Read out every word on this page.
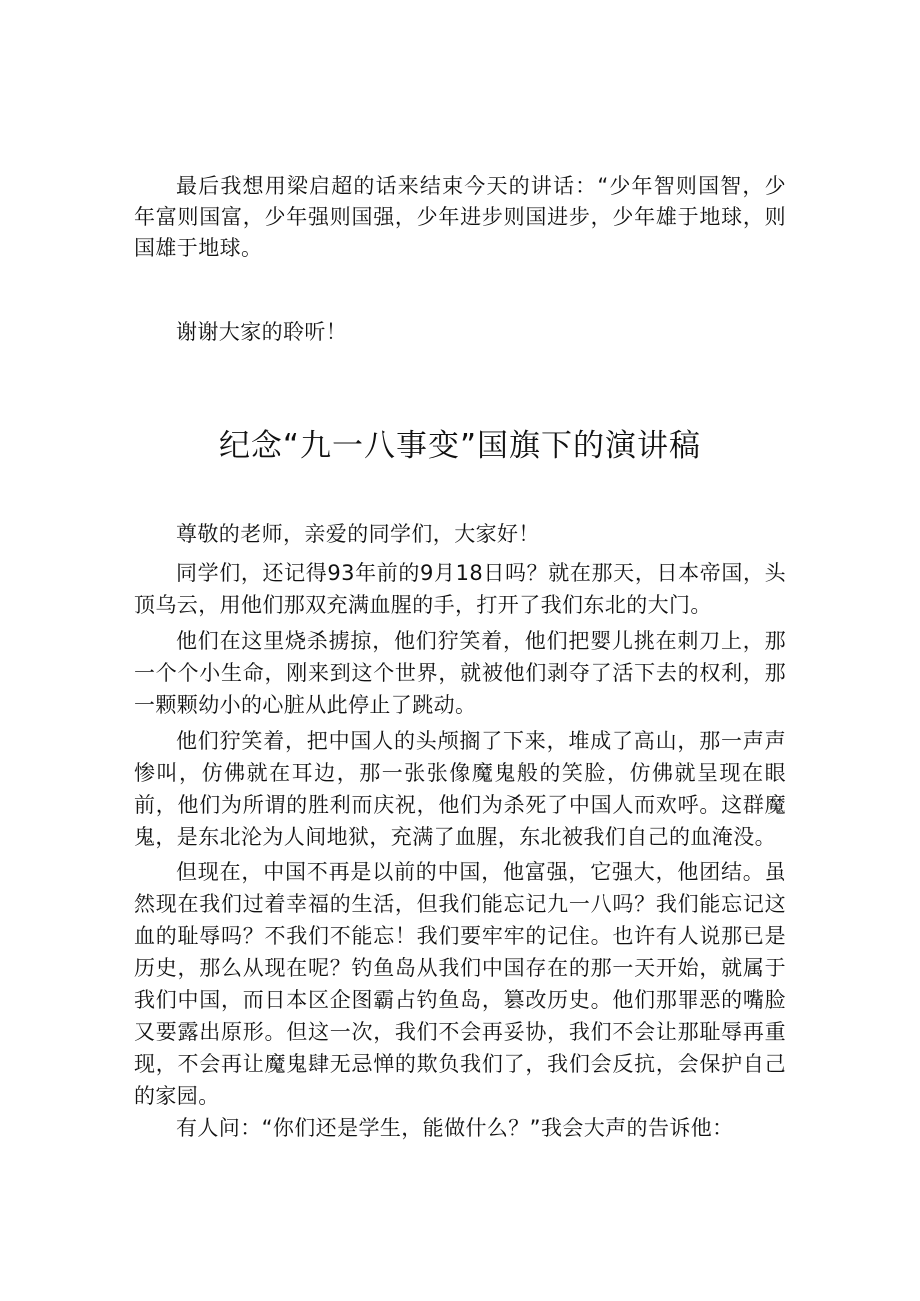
最后我想用梁启超的话来结束今天的讲话：“少年智则国智，少年富则国富，少年强则国强，少年进步则国进步，少年雄于地球，则国雄于地球。

谢谢大家的聆听！

纪念“九一八事变”国旗下的演讲稿

尊敬的老师，亲爱的同学们，大家好！

同学们，还记得93年前的9月18日吗？就在那天，日本帝国，头顶乌云，用他们那双充满血腥的手，打开了我们东北的大门。

他们在这里烧杀掳掠，他们狞笑着，他们把婴儿挑在刺刀上，那一个个小生命，刚来到这个世界，就被他们剥夺了活下去的权利，那一颗颗幼小的心脏从此停止了跳动。

他们狞笑着，把中国人的头颅搁了下来，堆成了高山，那一声声惨叫，仿佛就在耳边，那一张张像魔鬼般的笑脸，仿佛就呈现在眼前，他们为所谓的胜利而庆祝，他们为杀死了中国人而欢呼。这群魔鬼，是东北沦为人间地狱，充满了血腥，东北被我们自己的血淹没。

但现在，中国不再是以前的中国，他富强，它强大，他团结。虽然现在我们过着幸福的生活，但我们能忘记九一八吗？我们能忘记这血的耻辱吗？不我们不能忘！我们要牢牢的记住。也许有人说那已是历史，那么从现在呢？钓鱼岛从我们中国存在的那一天开始，就属于我们中国，而日本区企图霸占钓鱼岛，篡改历史。他们那罪恶的嘴脸又要露出原形。但这一次，我们不会再妥协，我们不会让那耻辱再重现，不会再让魔鬼肆无忌惮的欺负我们了，我们会反抗，会保护自己的家园。

有人问：“你们还是学生，能做什么？”我会大声的告诉他：
